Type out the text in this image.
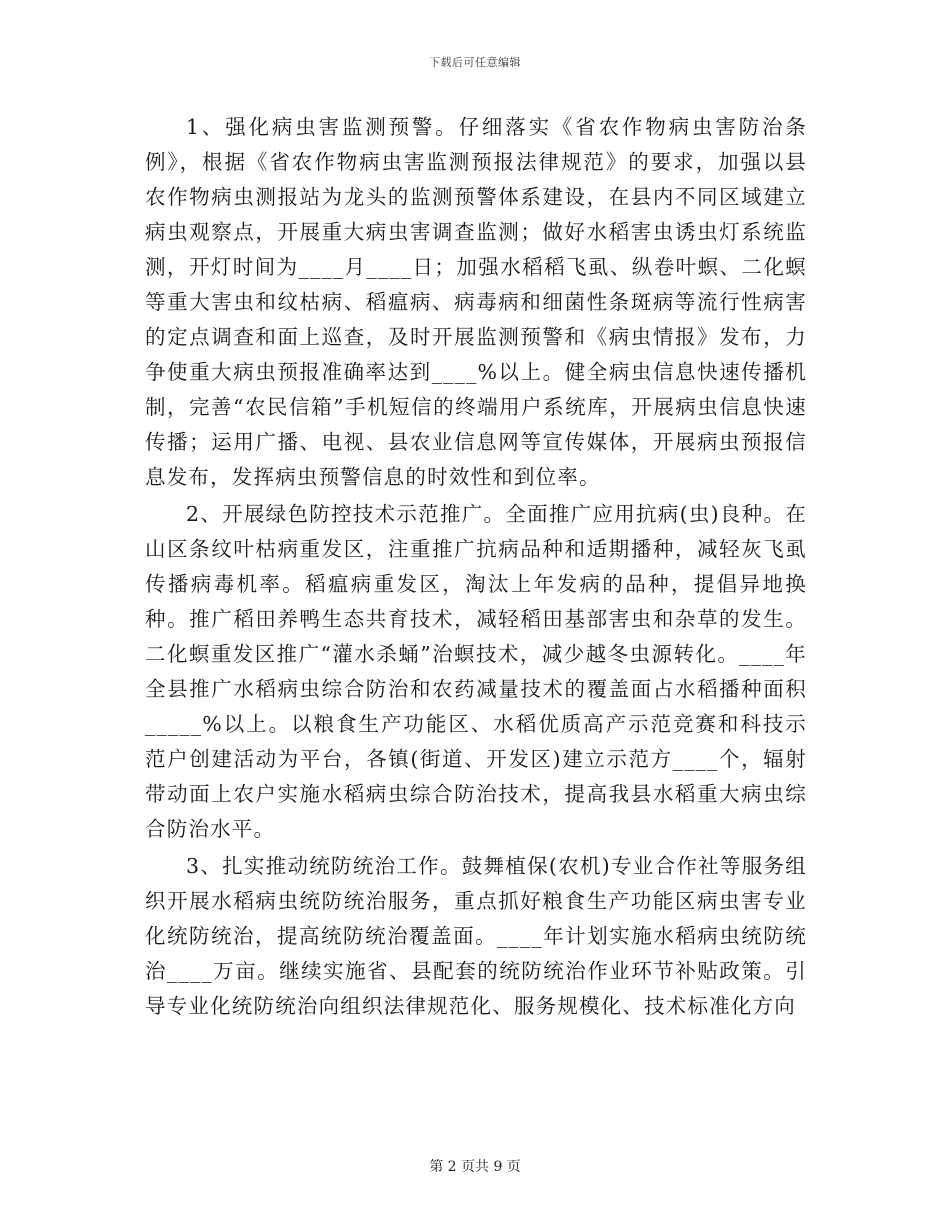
下载后可任意编辑

1、强化病虫害监测预警。仔细落实《省农作物病虫害防治条例》，根据《省农作物病虫害监测预报法律规范》的要求，加强以县农作物病虫测报站为龙头的监测预警体系建设，在县内不同区域建立病虫观察点，开展重大病虫害调查监测；做好水稻害虫诱虫灯系统监测，开灯时间为____月____日；加强水稻稻飞虱、纵卷叶螟、二化螟等重大害虫和纹枯病、稻瘟病、病毒病和细菌性条斑病等流行性病害的定点调查和面上巡查，及时开展监测预警和《病虫情报》发布，力争使重大病虫预报准确率达到____%以上。健全病虫信息快速传播机制，完善“农民信箱”手机短信的终端用户系统库，开展病虫信息快速传播；运用广播、电视、县农业信息网等宣传媒体，开展病虫预报信息发布，发挥病虫预警信息的时效性和到位率。

2、开展绿色防控技术示范推广。全面推广应用抗病(虫)良种。在山区条纹叶枯病重发区，注重推广抗病品种和适期播种，减轻灰飞虱传播病毒机率。稻瘟病重发区，淘汰上年发病的品种，提倡异地换种。推广稻田养鸭生态共育技术，减轻稻田基部害虫和杂草的发生。二化螟重发区推广“灌水杀蛹”治螟技术，减少越冬虫源转化。____年全县推广水稻病虫综合防治和农药减量技术的覆盖面占水稻播种面积_____%以上。以粮食生产功能区、水稻优质高产示范竞赛和科技示范户创建活动为平台，各镇(街道、开发区)建立示范方____个，辐射带动面上农户实施水稻病虫综合防治技术，提高我县水稻重大病虫综合防治水平。

3、扎实推动统防统治工作。鼓舞植保(农机)专业合作社等服务组织开展水稻病虫统防统治服务，重点抓好粮食生产功能区病虫害专业化统防统治，提高统防统治覆盖面。____年计划实施水稻病虫统防统治____万亩。继续实施省、县配套的统防统治作业环节补贴政策。引导专业化统防统治向组织法律规范化、服务规模化、技术标准化方向

第 2 页共 9 页
